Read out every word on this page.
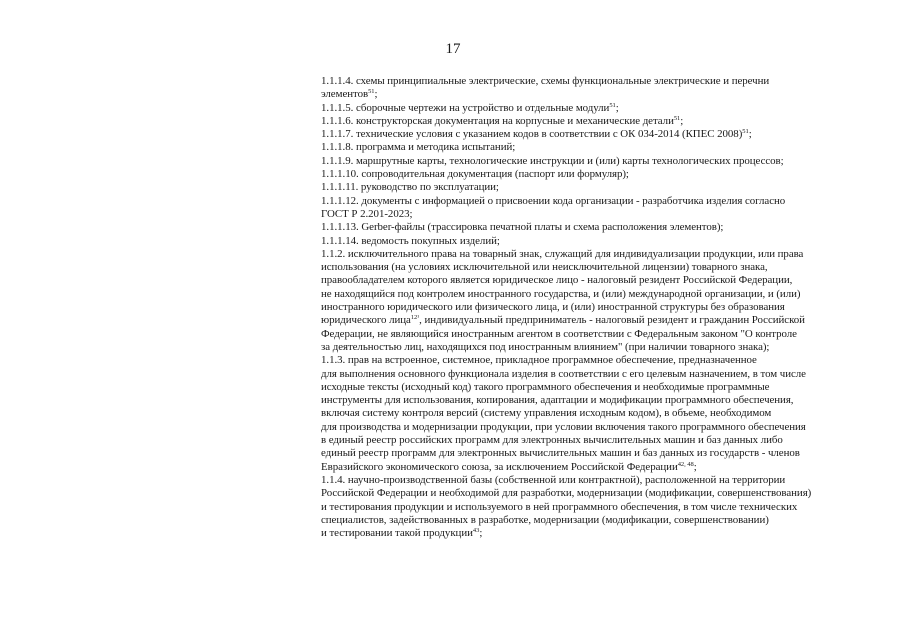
17
1.1.1.4. схемы принципиальные электрические, схемы функциональные электрические и перечни
элементов$^{51}$;
1.1.1.5. сборочные чертежи на устройство и отдельные модули$^{51}$;
1.1.1.6. конструкторская документация на корпусные и механические детали$^{51}$;
1.1.1.7. технические условия с указанием кодов в соответствии с ОК 034-2014 (КПЕС 2008)$^{51}$;
1.1.1.8. программа и методика испытаний;
1.1.1.9. маршрутные карты, технологические инструкции и (или) карты технологических процессов;
1.1.1.10. сопроводительная документация (паспорт или формуляр);
1.1.1.11. руководство по эксплуатации;
1.1.1.12. документы с информацией о присвоении кода организации - разработчика изделия согласно
ГОСТ Р 2.201-2023;
1.1.1.13. Gerber-файлы (трассировка печатной платы и схема расположения элементов);
1.1.1.14. ведомость покупных изделий;
1.1.2. исключительного права на товарный знак, служащий для индивидуализации продукции, или права
использования (на условиях исключительной или неисключительной лицензии) товарного знака,
правообладателем которого является юридическое лицо - налоговый резидент Российской Федерации,
не находящийся под контролем иностранного государства, и (или) международной организации, и (или)
иностранного юридического или физического лица, и (или) иностранной структуры без образования
юридического лица$^{12^1}$, индивидуальный предприниматель - налоговый резидент и гражданин Российской
Федерации, не являющийся иностранным агентом в соответствии с Федеральным законом "О контроле
за деятельностью лиц, находящихся под иностранным влиянием" (при наличии товарного знака);
1.1.3. прав на встроенное, системное, прикладное программное обеспечение, предназначенное
для выполнения основного функционала изделия в соответствии с его целевым назначением, в том числе
исходные тексты (исходный код) такого программного обеспечения и необходимые программные
инструменты для использования, копирования, адаптации и модификации программного обеспечения,
включая систему контроля версий (систему управления исходным кодом), в объеме, необходимом
для производства и модернизации продукции, при условии включения такого программного обеспечения
в единый реестр российских программ для электронных вычислительных машин и баз данных либо
единый реестр программ для электронных вычислительных машин и баз данных из государств - членов
Евразийского экономического союза, за исключением Российской Федерации$^{42, 48}$;
1.1.4. научно-производственной базы (собственной или контрактной), расположенной на территории
Российской Федерации и необходимой для разработки, модернизации (модификации, совершенствования)
и тестирования продукции и используемого в ней программного обеспечения, в том числе технических
специалистов, задействованных в разработке, модернизации (модификации, совершенствовании)
и тестировании такой продукции$^{43}$;
